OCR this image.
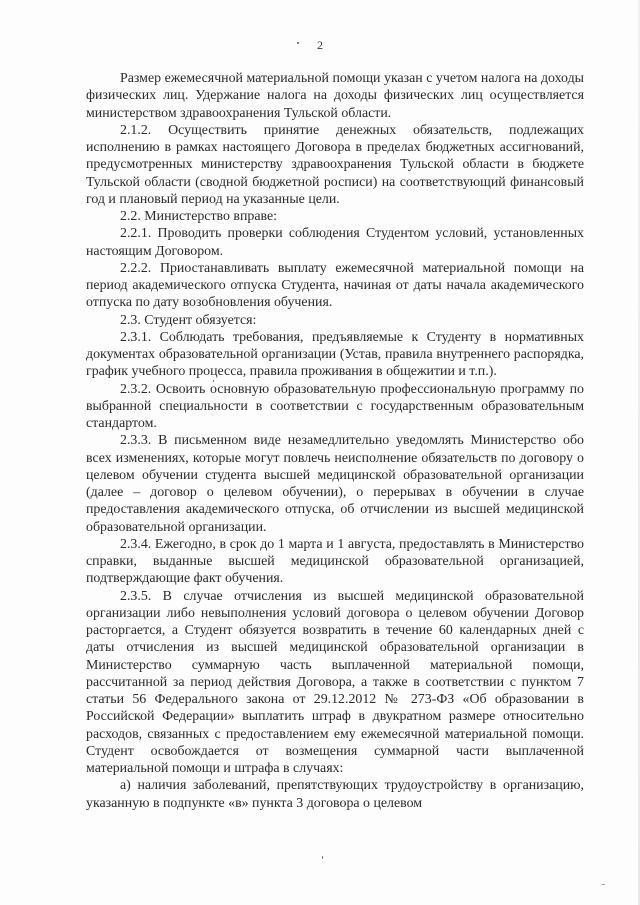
2

Размер ежемесячной материальной помощи указан с учетом налога на доходы физических лиц. Удержание налога на доходы физических лиц осуществляется министерством здравоохранения Тульской области.

2.1.2. Осуществить принятие денежных обязательств, подлежащих исполнению в рамках настоящего Договора в пределах бюджетных ассигнований, предусмотренных министерству здравоохранения Тульской области в бюджете Тульской области (сводной бюджетной росписи) на соответствующий финансовый год и плановый период на указанные цели.

2.2. Министерство вправе:

2.2.1. Проводить проверки соблюдения Студентом условий, установленных настоящим Договором.

2.2.2. Приостанавливать выплату ежемесячной материальной помощи на период академического отпуска Студента, начиная от даты начала академического отпуска по дату возобновления обучения.

2.3. Студент обязуется:

2.3.1. Соблюдать требования, предъявляемые к Студенту в нормативных документах образовательной организации (Устав, правила внутреннего распорядка, график учебного процесса, правила проживания в общежитии и т.п.).

2.3.2. Освоить основную образовательную профессиональную программу по выбранной специальности в соответствии с государственным образовательным стандартом.

2.3.3. В письменном виде незамедлительно уведомлять Министерство обо всех изменениях, которые могут повлечь неисполнение обязательств по договору о целевом обучении студента высшей медицинской образовательной организации (далее – договор о целевом обучении), о перерывах в обучении в случае предоставления академического отпуска, об отчислении из высшей медицинской образовательной организации.

2.3.4. Ежегодно, в срок до 1 марта и 1 августа, предоставлять в Министерство справки, выданные высшей медицинской образовательной организацией, подтверждающие факт обучения.

2.3.5. В случае отчисления из высшей медицинской образовательной организации либо невыполнения условий договора о целевом обучении Договор расторгается, а Студент обязуется возвратить в течение 60 календарных дней с даты отчисления из высшей медицинской образовательной организации в Министерство суммарную часть выплаченной материальной помощи, рассчитанной за период действия Договора, а также в соответствии с пунктом 7 статьи 56 Федерального закона от 29.12.2012 № 273-ФЗ «Об образовании в Российской Федерации» выплатить штраф в двукратном размере относительно расходов, связанных с предоставлением ему ежемесячной материальной помощи. Студент освобождается от возмещения суммарной части выплаченной материальной помощи и штрафа в случаях:

а) наличия заболеваний, препятствующих трудоустройству в организацию, указанную в подпункте «в» пункта 3 договора о целевом
